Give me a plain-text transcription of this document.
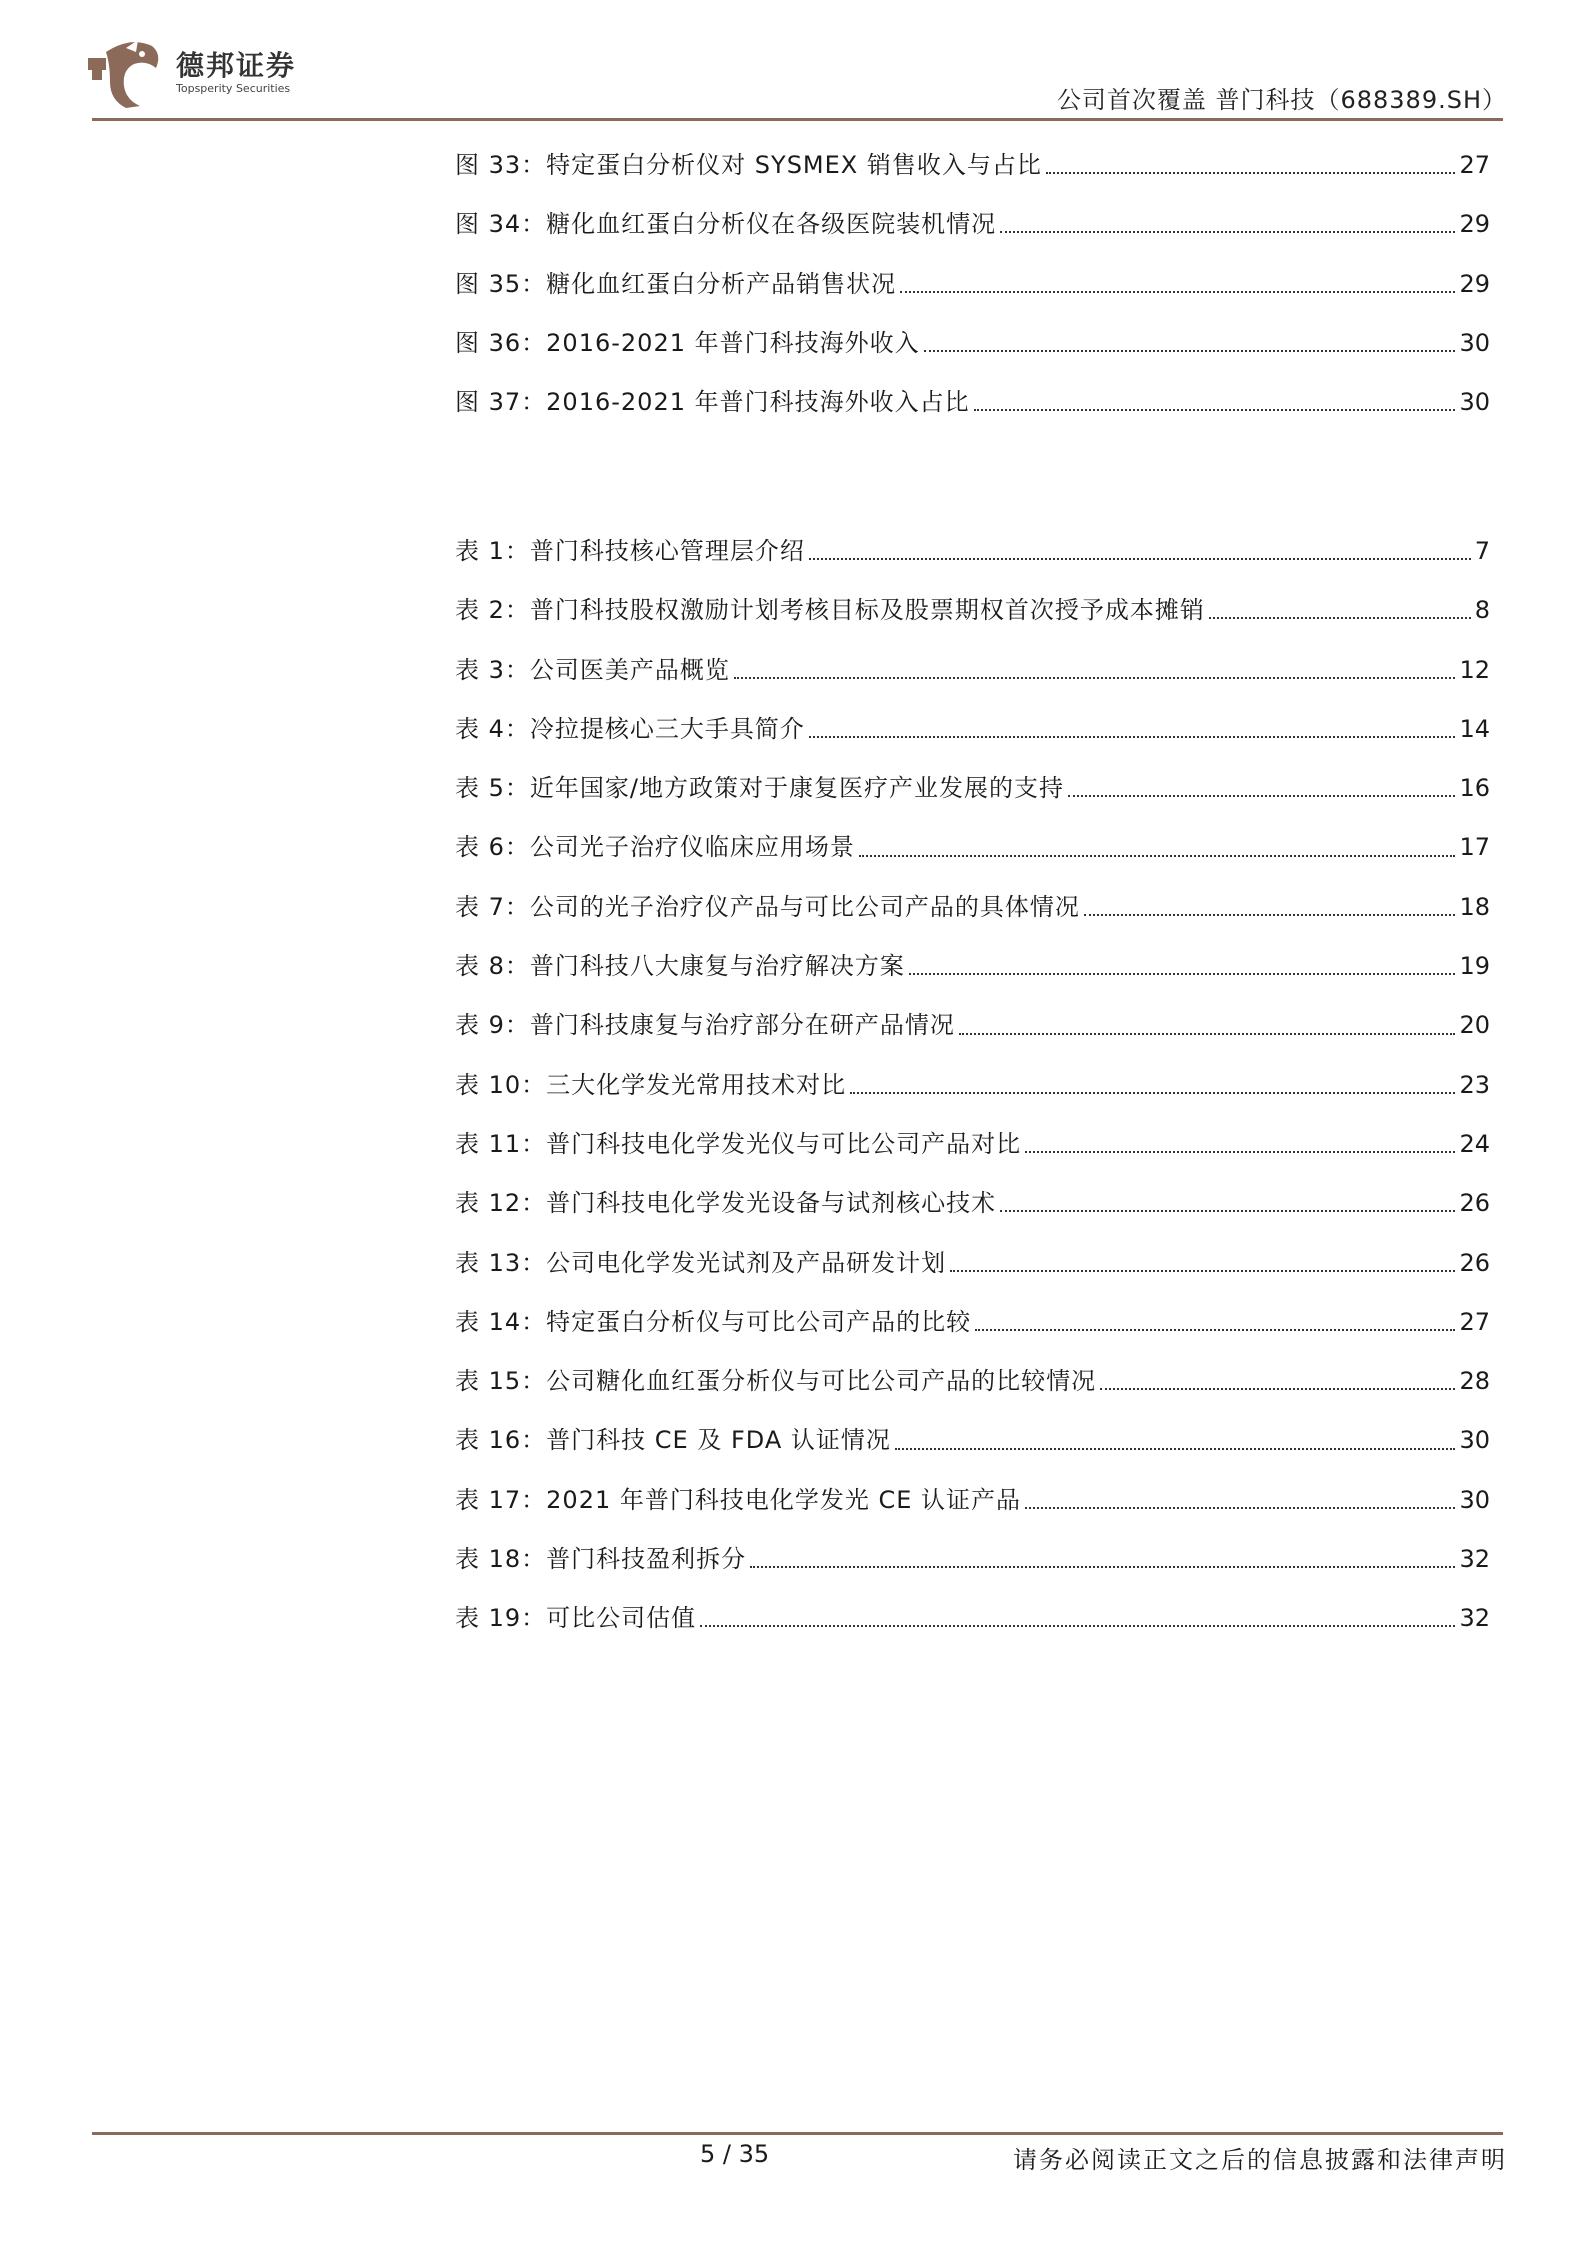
德邦证券
Topsperity Securities	公司首次覆盖 普门科技（688389.SH）
图 33：特定蛋白分析仪对 SYSMEX 销售收入与占比	27
图 34：糖化血红蛋白分析仪在各级医院装机情况	29
图 35：糖化血红蛋白分析产品销售状况	29
图 36：2016-2021 年普门科技海外收入	30
图 37：2016-2021 年普门科技海外收入占比	30
表 1：普门科技核心管理层介绍	7
表 2：普门科技股权激励计划考核目标及股票期权首次授予成本摊销	8
表 3：公司医美产品概览	12
表 4：冷拉提核心三大手具简介	14
表 5：近年国家/地方政策对于康复医疗产业发展的支持	16
表 6：公司光子治疗仪临床应用场景	17
表 7：公司的光子治疗仪产品与可比公司产品的具体情况	18
表 8：普门科技八大康复与治疗解决方案	19
表 9：普门科技康复与治疗部分在研产品情况	20
表 10：三大化学发光常用技术对比	23
表 11：普门科技电化学发光仪与可比公司产品对比	24
表 12：普门科技电化学发光设备与试剂核心技术	26
表 13：公司电化学发光试剂及产品研发计划	26
表 14：特定蛋白分析仪与可比公司产品的比较	27
表 15：公司糖化血红蛋分析仪与可比公司产品的比较情况	28
表 16：普门科技 CE 及 FDA 认证情况	30
表 17：2021 年普门科技电化学发光 CE 认证产品	30
表 18：普门科技盈利拆分	32
表 19：可比公司估值	32
5 / 35	请务必阅读正文之后的信息披露和法律声明
